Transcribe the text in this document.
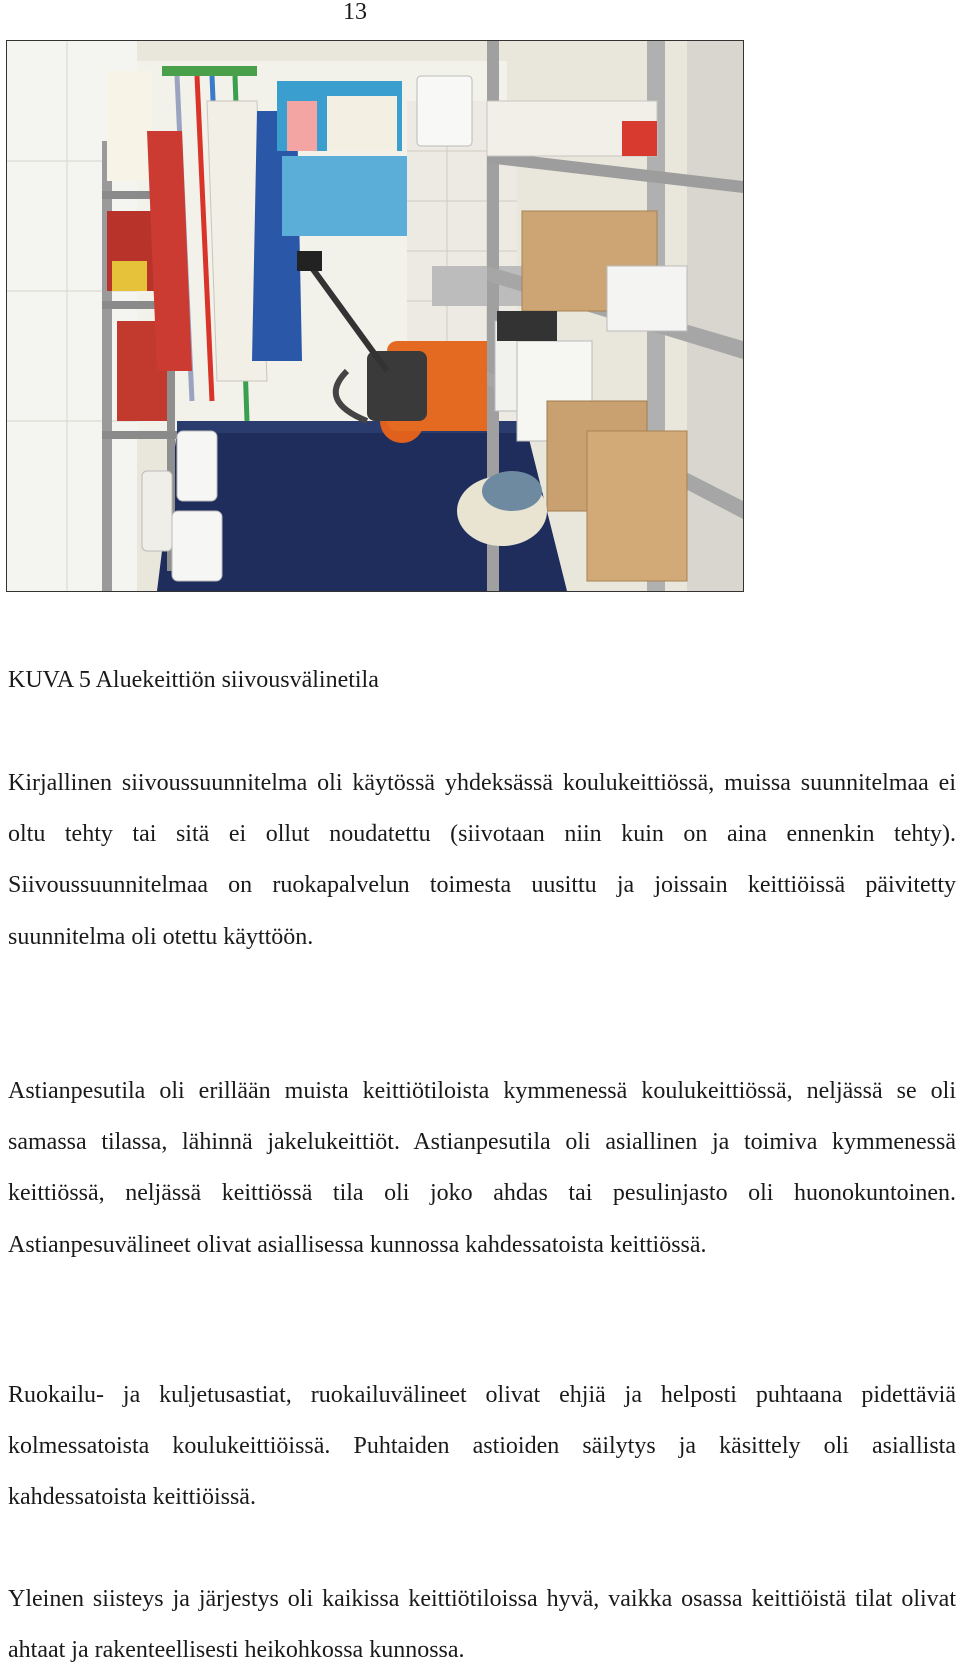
13
KUVA 5 Aluekeittiön siivousvälinetila

Kirjallinen siivoussuunnitelma oli käytössä yhdeksässä koulukeittiössä, muissa suunnitelmaa ei oltu tehty tai sitä ei ollut noudatettu (siivotaan niin kuin on aina ennenkin tehty). Siivoussuunnitelmaa on ruokapalvelun toimesta uusittu ja joissain keittiöissä päivitetty suunnitelma oli otettu käyttöön.

Astianpesutila oli erillään muista keittiötiloista kymmenessä koulukeittiössä, neljässä se oli samassa tilassa, lähinnä jakelukeittiöt. Astianpesutila oli asiallinen ja toimiva kymmenessä keittiössä, neljässä keittiössä tila oli joko ahdas tai pesulinjasto oli huonokuntoinen. Astianpesuvälineet olivat asiallisessa kunnossa kahdessatoista keittiössä.

Ruokailu- ja kuljetusastiat, ruokailuvälineet olivat ehjiä ja helposti puhtaana pidettäviä kolmessatoista koulukeittiöissä. Puhtaiden astioiden säilytys ja käsittely oli asiallista kahdessatoista keittiöissä.

Yleinen siisteys ja järjestys oli kaikissa keittiötiloissa hyvä, vaikka osassa keittiöistä tilat olivat ahtaat ja rakenteellisesti heikohkossa kunnossa.
